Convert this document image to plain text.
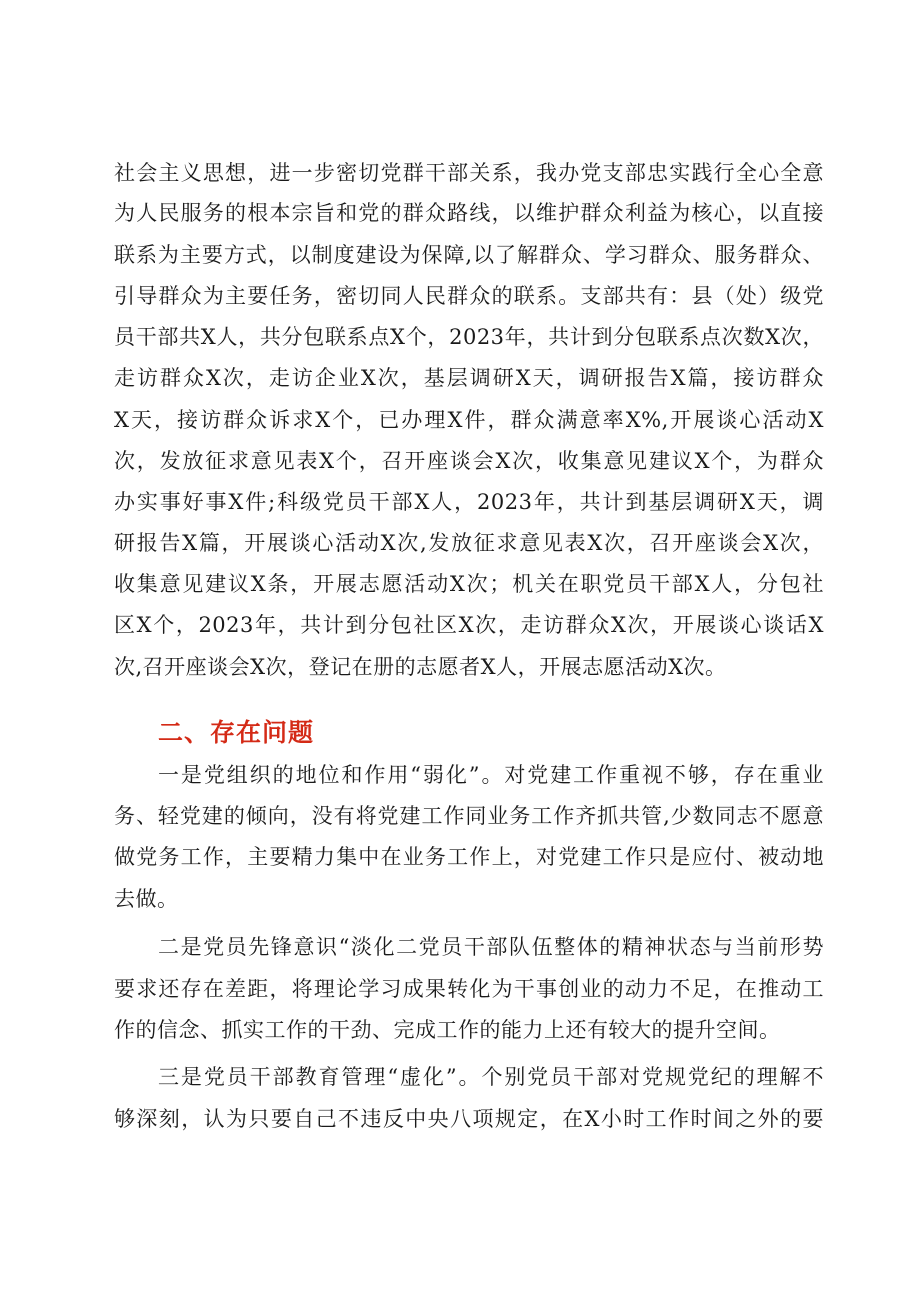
社会主义思想，进一步密切党群干部关系，我办党支部忠实践行全心全意
为人民服务的根本宗旨和党的群众路线，以维护群众利益为核心，以直接
联系为主要方式，以制度建设为保障,以了解群众、学习群众、服务群众、
引导群众为主要任务，密切同人民群众的联系。支部共有：县（处）级党
员干部共X人，共分包联系点X个，2023年，共计到分包联系点次数X次，
走访群众X次，走访企业X次，基层调研X天，调研报告X篇，接访群众
X天，接访群众诉求X个，已办理X件，群众满意率X%,开展谈心活动X
次，发放征求意见表X个，召开座谈会X次，收集意见建议X个，为群众
办实事好事X件;科级党员干部X人，2023年，共计到基层调研X天，调
研报告X篇，开展谈心活动X次,发放征求意见表X次，召开座谈会X次，
收集意见建议X条，开展志愿活动X次；机关在职党员干部X人，分包社
区X个，2023年，共计到分包社区X次，走访群众X次，开展谈心谈话X
次,召开座谈会X次，登记在册的志愿者X人，开展志愿活动X次。
二、存在问题
一是党组织的地位和作用“弱化”。对党建工作重视不够，存在重业
务、轻党建的倾向，没有将党建工作同业务工作齐抓共管,少数同志不愿意
做党务工作，主要精力集中在业务工作上，对党建工作只是应付、被动地
去做。
二是党员先锋意识“淡化二党员干部队伍整体的精神状态与当前形势
要求还存在差距，将理论学习成果转化为干事创业的动力不足，在推动工
作的信念、抓实工作的干劲、完成工作的能力上还有较大的提升空间。
三是党员干部教育管理“虚化”。个别党员干部对党规党纪的理解不
够深刻，认为只要自己不违反中央八项规定，在X小时工作时间之外的要
